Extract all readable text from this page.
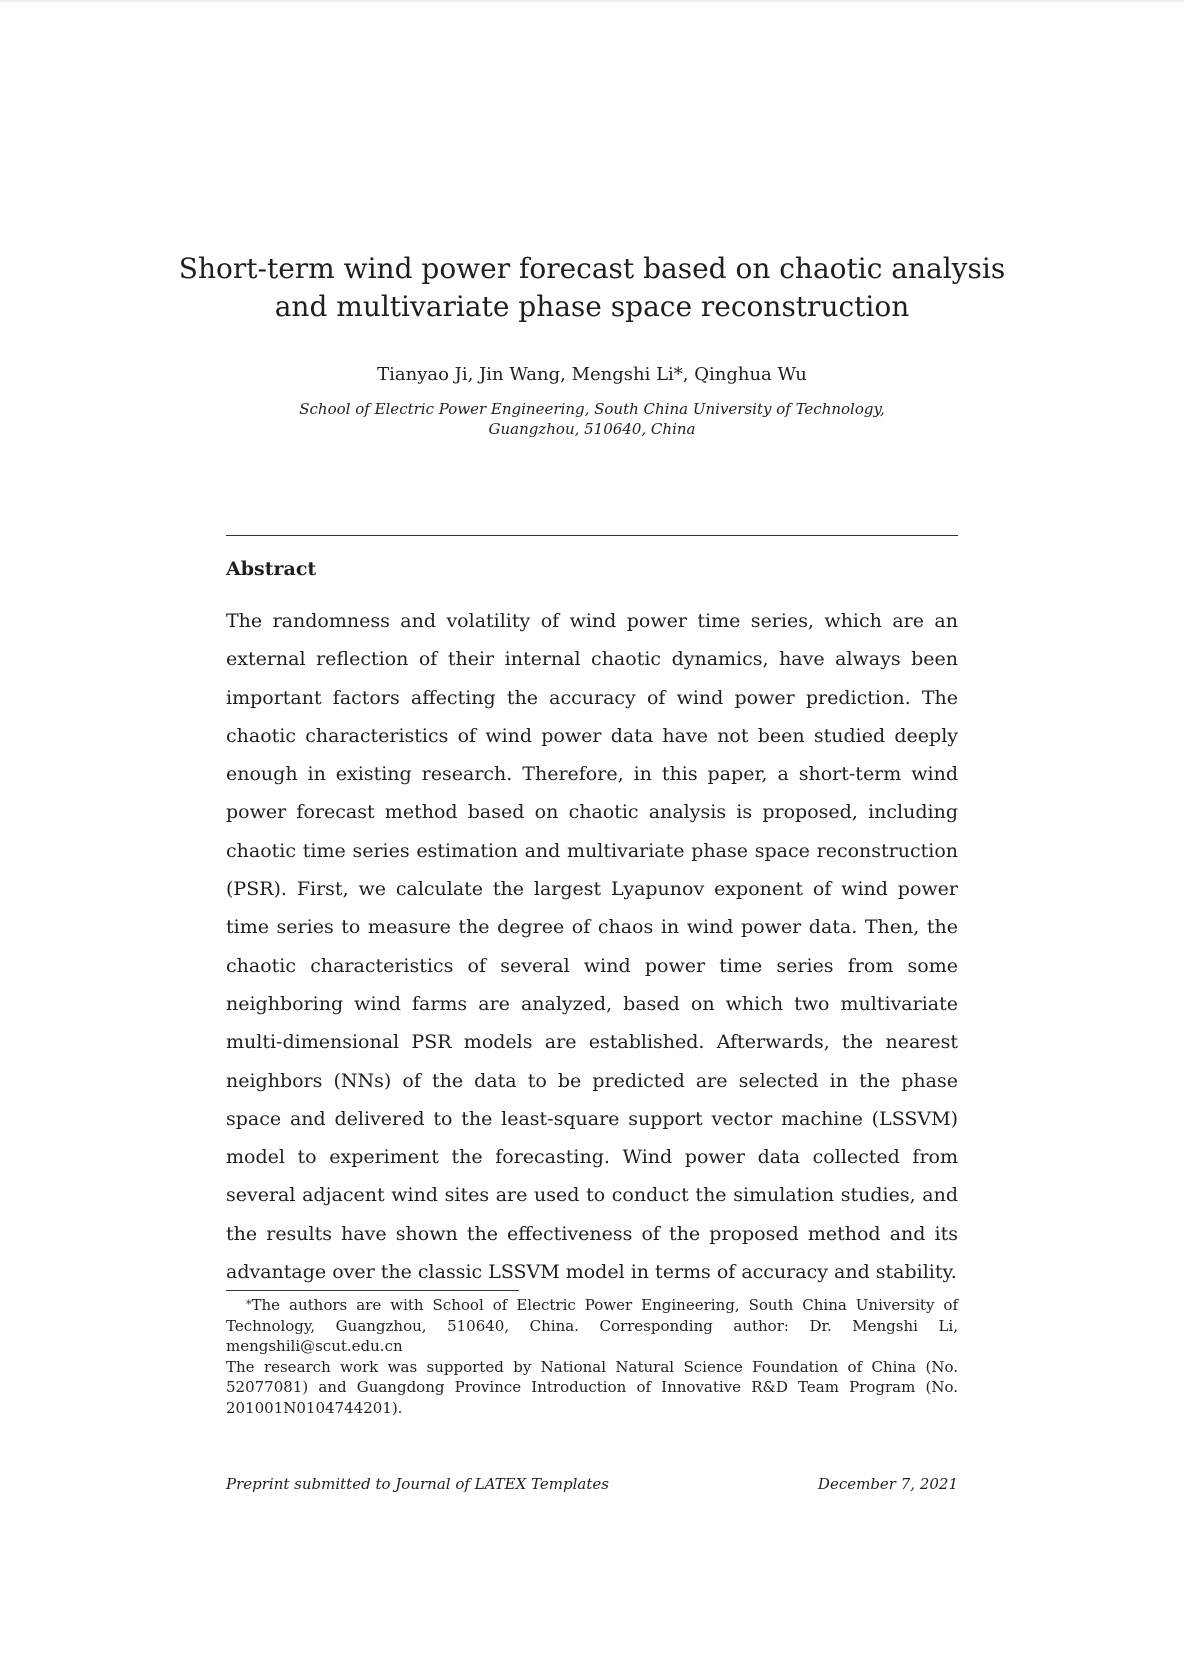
Short-term wind power forecast based on chaotic analysis and multivariate phase space reconstruction
Tianyao Ji, Jin Wang, Mengshi Li*, Qinghua Wu
School of Electric Power Engineering, South China University of Technology,
Guangzhou, 510640, China
Abstract

The randomness and volatility of wind power time series, which are an external reflection of their internal chaotic dynamics, have always been important factors affecting the accuracy of wind power prediction. The chaotic characteristics of wind power data have not been studied deeply enough in existing research. Therefore, in this paper, a short-term wind power forecast method based on chaotic analysis is proposed, including chaotic time series estimation and multivariate phase space reconstruction (PSR). First, we calculate the largest Lyapunov exponent of wind power time series to measure the degree of chaos in wind power data. Then, the chaotic characteristics of several wind power time series from some neighboring wind farms are analyzed, based on which two multivariate multi-dimensional PSR models are established. Afterwards, the nearest neighbors (NNs) of the data to be predicted are selected in the phase space and delivered to the least-square support vector machine (LSSVM) model to experiment the forecasting. Wind power data collected from several adjacent wind sites are used to conduct the simulation studies, and the results have shown the effectiveness of the proposed method and its advantage over the classic LSSVM model in terms of accuracy and stability.

*The authors are with School of Electric Power Engineering, South China University of Technology, Guangzhou, 510640, China. Corresponding author: Dr. Mengshi Li, mengshili@scut.edu.cn
The research work was supported by National Natural Science Foundation of China (No. 52077081) and Guangdong Province Introduction of Innovative R&D Team Program (No. 201001N0104744201).
Preprint submitted to Journal of LATEX Templates	December 7, 2021
